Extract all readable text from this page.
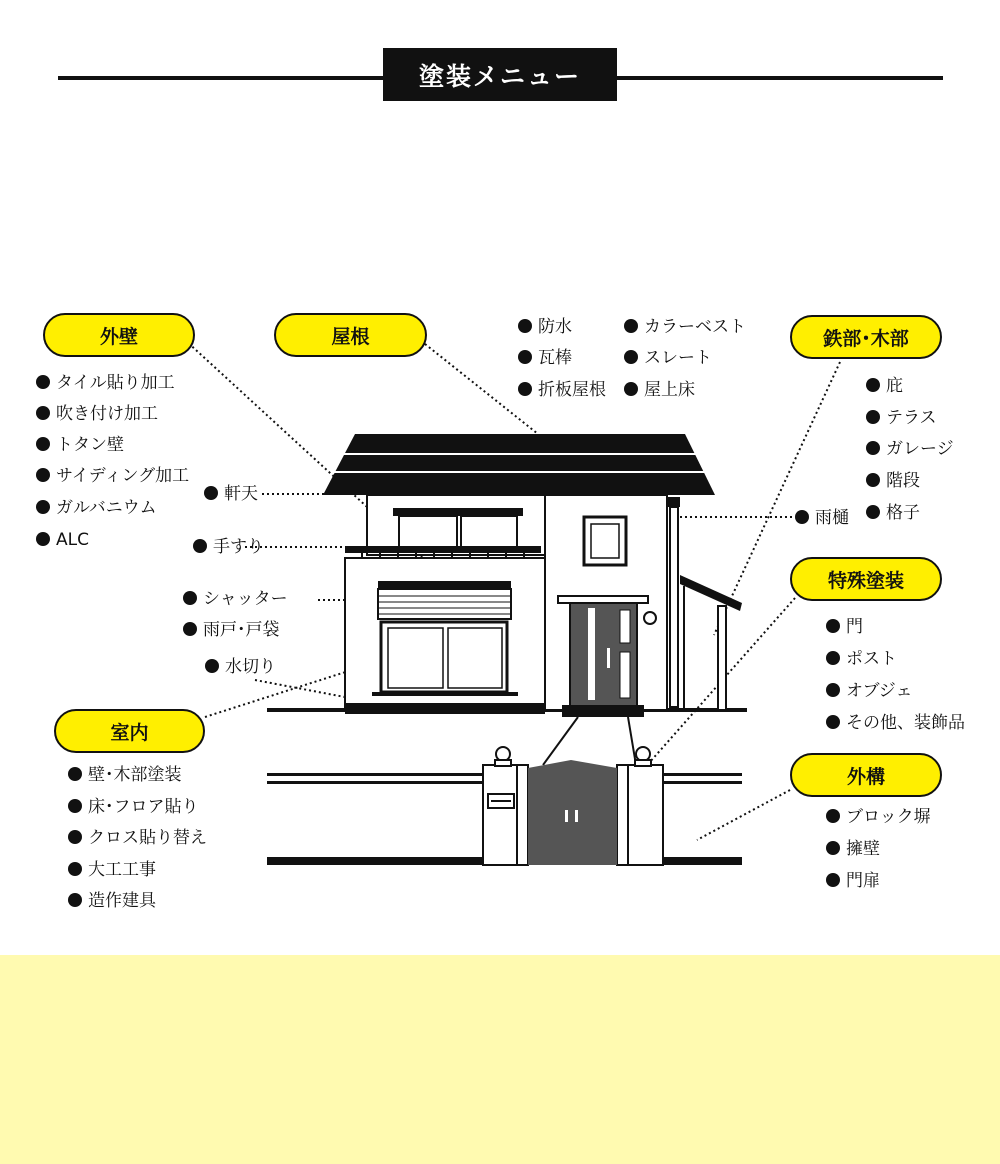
塗装メニュー
外壁	屋根	鉄部･木部
特殊塗装
室内
外構
タイル貼り加工
吹き付け加工
トタン壁
サイディング加工
ガルバニウム
ALC
防水
瓦棒
折板屋根
カラーベスト
スレート
屋上床	庇
テラス
ガレージ
階段
格子
門
ポスト
オブジェ
その他、装飾品
壁･木部塗装
床･フロア貼り
クロス貼り替え
大工工事
造作建具
ブロック塀
擁壁
門扉
軒天
手すり
シャッター
雨戸･戸袋
水切り
雨樋
